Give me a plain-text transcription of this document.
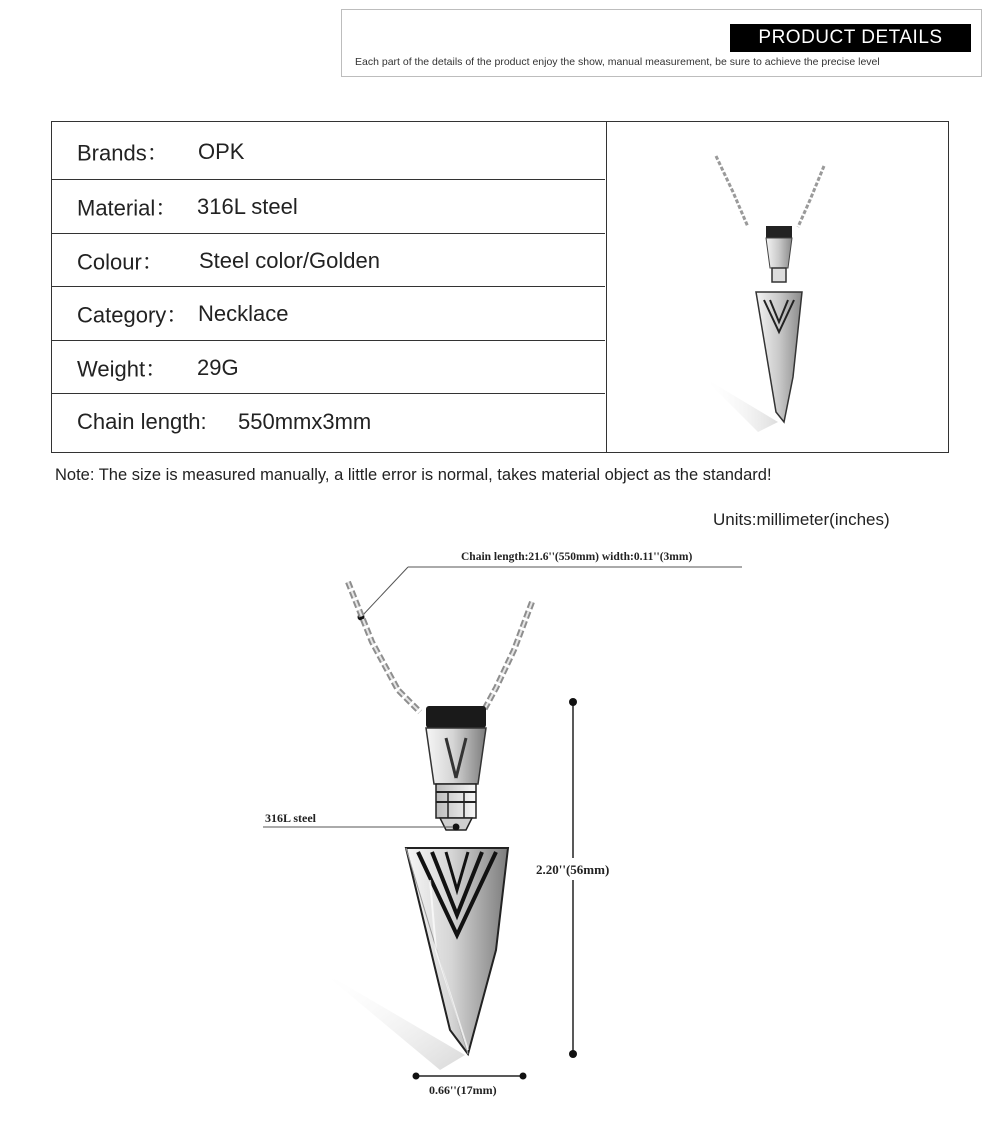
PRODUCT DETAILS
Each part of the details of the product enjoy the show, manual measurement, be sure to achieve the precise level
Brands： OPK
Material： 316L steel
Colour： Steel color/Golden
Category： Necklace
Weight： 29G
Chain length: 550mmx3mm
Note: The size is measured manually, a little error is normal, takes material object as the standard!
Units:millimeter(inches)
Chain length:21.6''(550mm) width:0.11''(3mm)
316L steel
2.20''(56mm)
0.66''(17mm)
